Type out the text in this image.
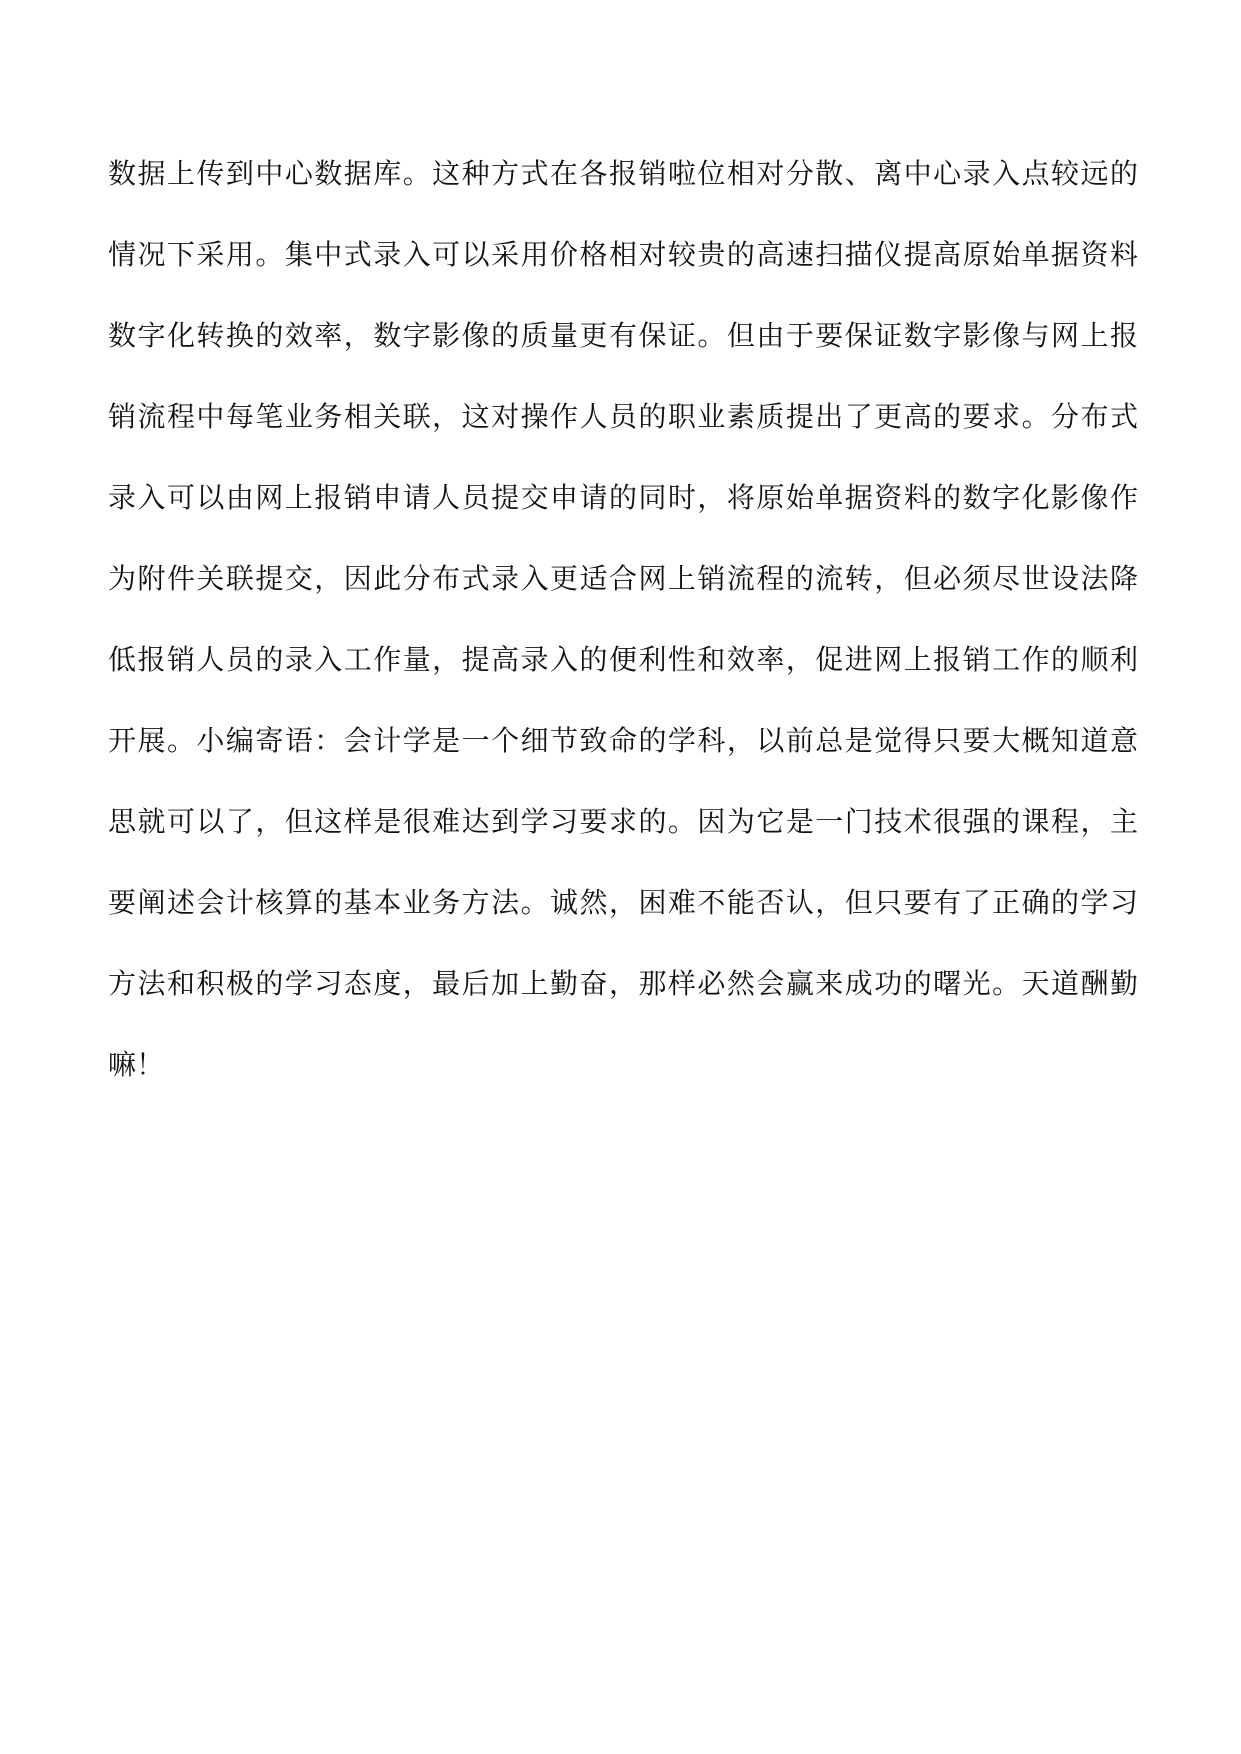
数据上传到中心数据库。这种方式在各报销啦位相对分散、离中心录入点较远的
情况下采用。集中式录入可以采用价格相对较贵的高速扫描仪提高原始单据资料
数字化转换的效率，数字影像的质量更有保证。但由于要保证数字影像与网上报
销流程中每笔业务相关联，这对操作人员的职业素质提出了更高的要求。分布式
录入可以由网上报销申请人员提交申请的同时，将原始单据资料的数字化影像作
为附件关联提交，因此分布式录入更适合网上销流程的流转，但必须尽世设法降
低报销人员的录入工作量，提高录入的便利性和效率，促进网上报销工作的顺利
开展。小编寄语：会计学是一个细节致命的学科，以前总是觉得只要大概知道意
思就可以了，但这样是很难达到学习要求的。因为它是一门技术很强的课程，主
要阐述会计核算的基本业务方法。诚然，困难不能否认，但只要有了正确的学习
方法和积极的学习态度，最后加上勤奋，那样必然会赢来成功的曙光。天道酬勤
嘛！
